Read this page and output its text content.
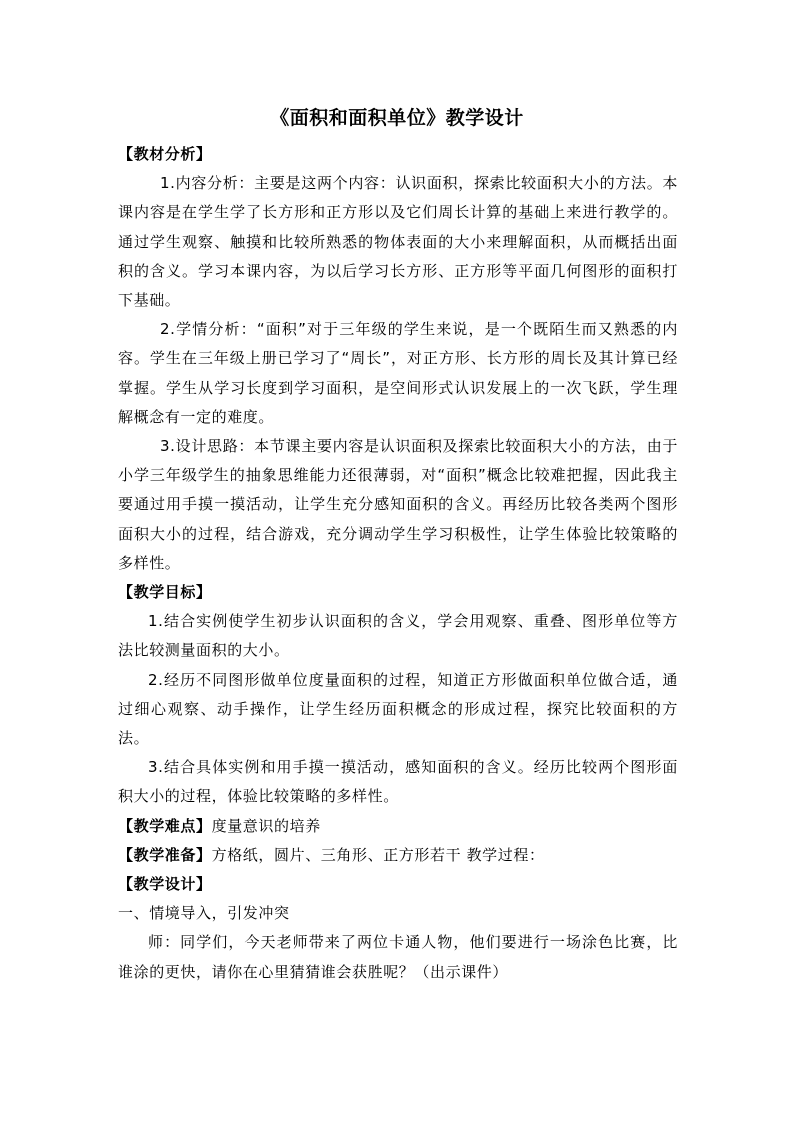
《面积和面积单位》教学设计

【教材分析】

1.内容分析：主要是这两个内容：认识面积，探索比较面积大小的方法。本课内容是在学生学了长方形和正方形以及它们周长计算的基础上来进行教学的。通过学生观察、触摸和比较所熟悉的物体表面的大小来理解面积，从而概括出面积的含义。学习本课内容，为以后学习长方形、正方形等平面几何图形的面积打下基础。

2.学情分析：“面积”对于三年级的学生来说，是一个既陌生而又熟悉的内容。学生在三年级上册已学习了“周长”，对正方形、长方形的周长及其计算已经掌握。学生从学习长度到学习面积，是空间形式认识发展上的一次飞跃，学生理解概念有一定的难度。

3.设计思路：本节课主要内容是认识面积及探索比较面积大小的方法，由于小学三年级学生的抽象思维能力还很薄弱，对“面积”概念比较难把握，因此我主要通过用手摸一摸活动，让学生充分感知面积的含义。再经历比较各类两个图形面积大小的过程，结合游戏，充分调动学生学习积极性，让学生体验比较策略的多样性。

【教学目标】

1.结合实例使学生初步认识面积的含义，学会用观察、重叠、图形单位等方法比较测量面积的大小。

2.经历不同图形做单位度量面积的过程，知道正方形做面积单位做合适，通过细心观察、动手操作，让学生经历面积概念的形成过程，探究比较面积的方法。

3.结合具体实例和用手摸一摸活动，感知面积的含义。经历比较两个图形面积大小的过程，体验比较策略的多样性。

【教学难点】度量意识的培养

【教学准备】方格纸，圆片、三角形、正方形若干 教学过程：

【教学设计】

一、情境导入，引发冲突

师：同学们，今天老师带来了两位卡通人物，他们要进行一场涂色比赛，比谁涂的更快，请你在心里猜猜谁会获胜呢？（出示课件）
